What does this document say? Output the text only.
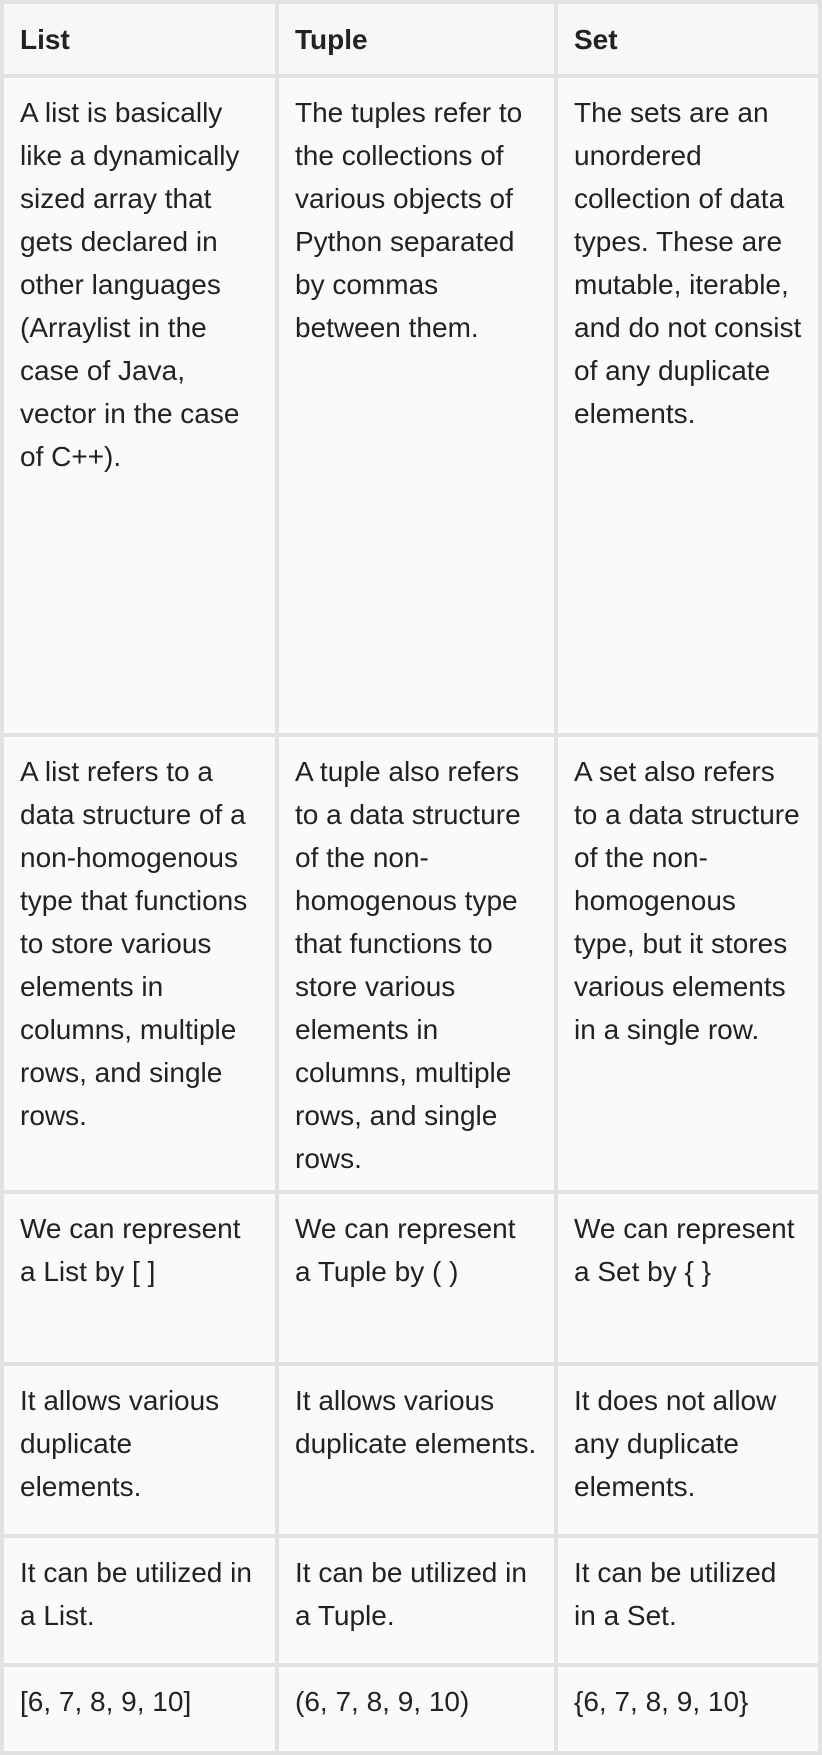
List	Tuple	Set
A list is basically like a dynamically sized array that gets declared in other languages (Arraylist in the case of Java, vector in the case of C++).	The tuples refer to the collections of various objects of Python separated by commas between them.	The sets are an unordered collection of data types. These are mutable, iterable, and do not consist of any duplicate elements.
A list refers to a data structure of a non-homogenous type that functions to store various elements in columns, multiple rows, and single rows.	A tuple also refers to a data structure of the non-homogenous type that functions to store various elements in columns, multiple rows, and single rows.	A set also refers to a data structure of the non-homogenous type, but it stores various elements in a single row.
We can represent a List by [ ]	We can represent a Tuple by ( )	We can represent a Set by { }
It allows various duplicate elements.	It allows various duplicate elements.	It does not allow any duplicate elements.
It can be utilized in a List.	It can be utilized in a Tuple.	It can be utilized in a Set.
[6, 7, 8, 9, 10]	(6, 7, 8, 9, 10)	{6, 7, 8, 9, 10}
